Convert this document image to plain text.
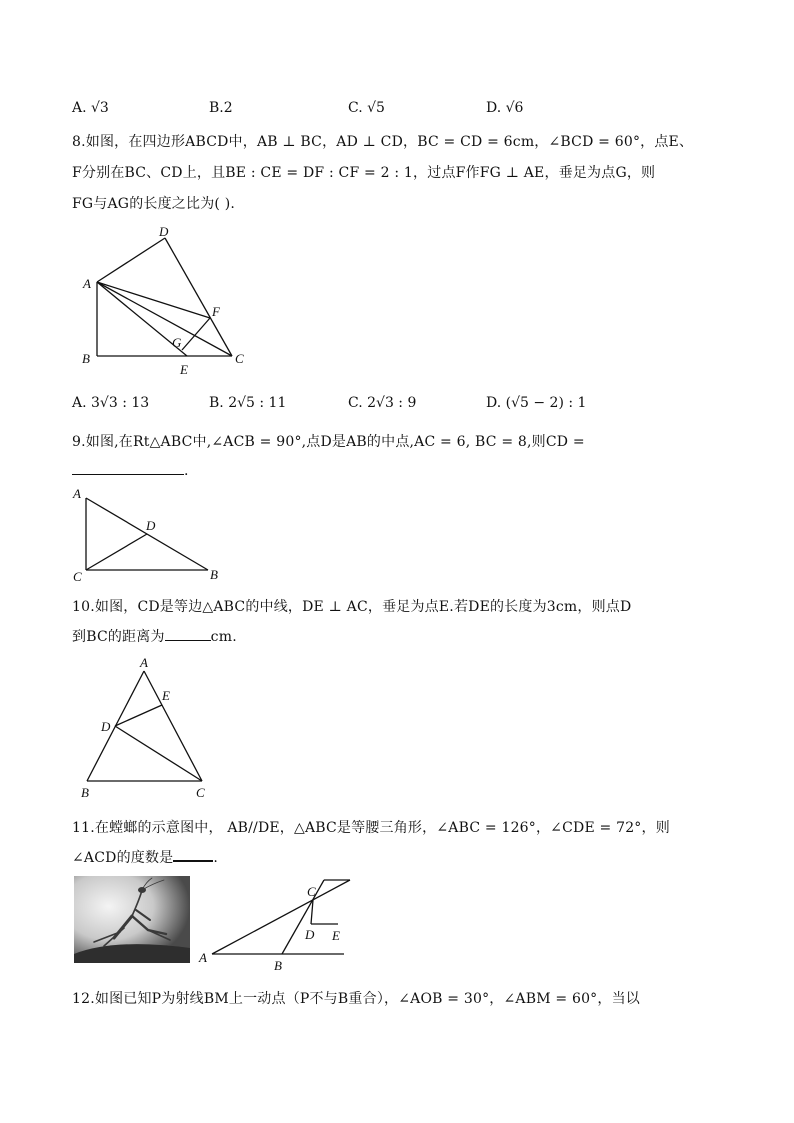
A. √3	B.2	C. √5	D. √6
8.如图，在四边形ABCD中，AB ⊥ BC，AD ⊥ CD，BC = CD = 6cm，∠BCD = 60°，点E、
F分别在BC、CD上，且BE : CE = DF : CF = 2 : 1，过点F作FG ⊥ AE，垂足为点G，则
FG与AG的长度之比为( ).
A
D
B	C
F
G
E
A. 3√3 : 13	B. 2√5 : 11	C. 2√3 : 9	D. (√5 − 2) : 1
9.如图,在Rt△ABC中,∠ACB = 90°,点D是AB的中点,AC = 6, BC = 8,则CD =
.
A
D
C	B
10.如图，CD是等边△ABC的中线，DE ⊥ AC，垂足为点E.若DE的长度为3cm，则点D
到BC的距离为	cm.
A
E
D
B	C
11.在螳螂的示意图中， AB//DE，△ABC是等腰三角形，∠ABC = 126°，∠CDE = 72°，则
∠ACD的度数是	.
C
D E
A
B
12.如图已知P为射线BM上一动点（P不与B重合），∠AOB = 30°，∠ABM = 60°，当以
